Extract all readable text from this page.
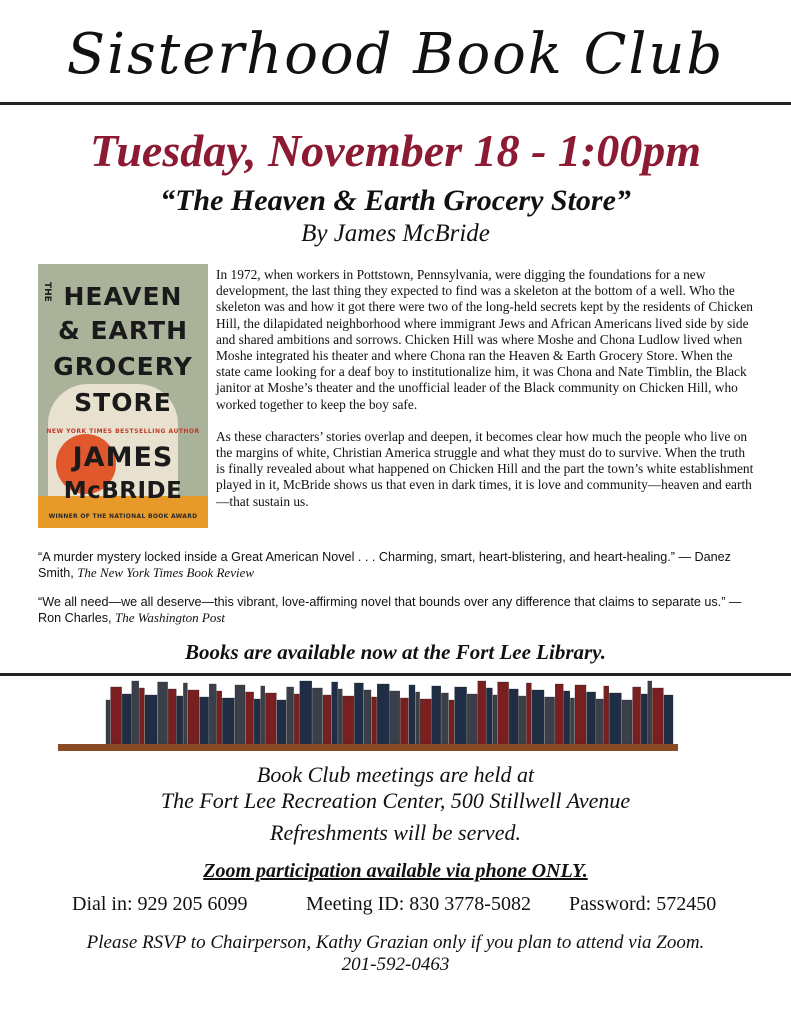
Sisterhood Book Club
Tuesday, November 18 - 1:00pm
“The Heaven & Earth Grocery Store”
By James McBride
HEAVEN
& EARTH
GROCERY
STORE
NEW YORK TIMES BESTSELLING AUTHOR
JAMES
McBRIDE
WINNER OF THE NATIONAL BOOK AWARD
THE

In 1972, when workers in Pottstown, Pennsylvania, were digging the foundations for a new development, the last thing they expected to find was a skeleton at the bottom of a well. Who the skeleton was and how it got there were two of the long-held secrets kept by the residents of Chicken Hill, the dilapidated neighborhood where immigrant Jews and African Americans lived side by side and shared ambitions and sorrows. Chicken Hill was where Moshe and Chona Ludlow lived when Moshe integrated his theater and where Chona ran the Heaven & Earth Grocery Store. When the state came looking for a deaf boy to institutionalize him, it was Chona and Nate Timblin, the Black janitor at Moshe’s theater and the unofficial leader of the Black community on Chicken Hill, who worked together to keep the boy safe.

As these characters’ stories overlap and deepen, it becomes clear how much the people who live on the margins of white, Christian America struggle and what they must do to survive. When the truth is finally revealed about what happened on Chicken Hill and the part the town’s white establishment played in it, McBride shows us that even in dark times, it is love and community—heaven and earth—that sustain us.

“A murder mystery locked inside a Great American Novel . . . Charming, smart, heart-blistering, and heart-healing.” — Danez Smith, The New York Times Book Review
“We all need—we all deserve—this vibrant, love-affirming novel that bounds over any difference that claims to separate us.” —Ron Charles, The Washington Post
Books are available now at the Fort Lee Library.
Book Club meetings are held at
The Fort Lee Recreation Center, 500 Stillwell Avenue
Refreshments will be served.
Zoom participation available via phone ONLY.
Dial in: 929 205 6099	Meeting ID: 830 3778-5082 Password: 572450
Please RSVP to Chairperson, Kathy Grazian only if you plan to attend via Zoom.
201-592-0463
